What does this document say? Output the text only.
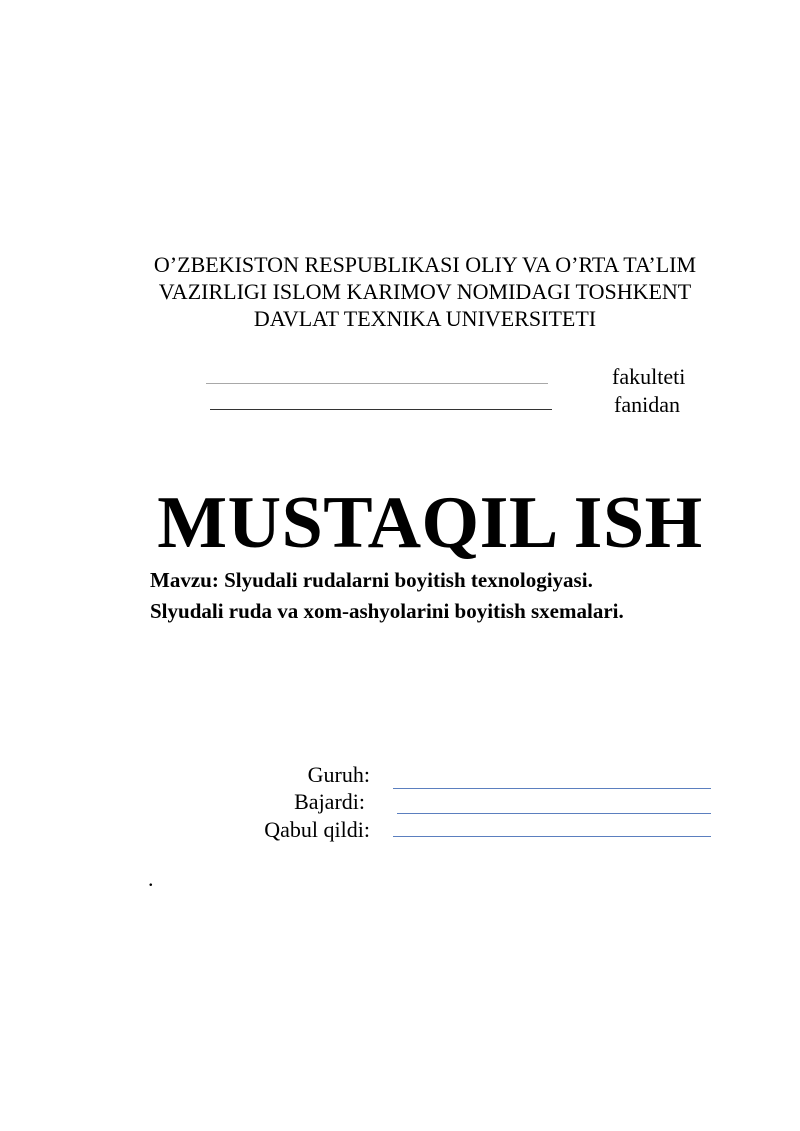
O’ZBEKISTON RESPUBLIKASI OLIY VA O’RTA TA’LIM
VAZIRLIGI ISLOM KARIMOV NOMIDAGI TOSHKENT
DAVLAT TEXNIKA UNIVERSITETI
fakulteti
fanidan
MUSTAQIL ISH
Mavzu: Slyudali rudalarni boyitish texnologiyasi.
Slyudali ruda va xom-ashyolarini boyitish sxemalari.
Guruh:
Bajardi:
Qabul qildi:
.
